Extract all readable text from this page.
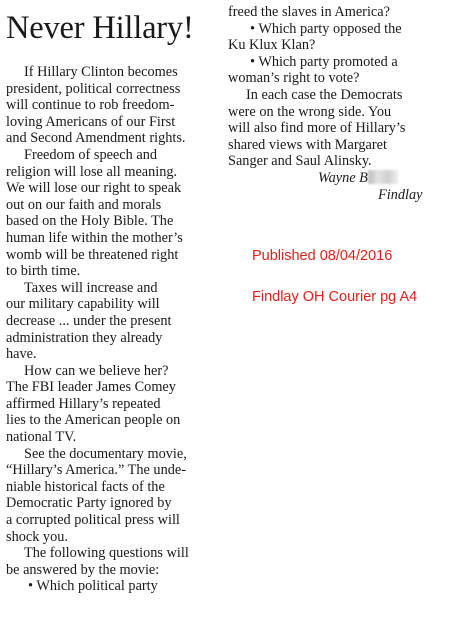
Never Hillary!
If Hillary Clinton becomes
president, political correctness
will continue to rob freedom-
loving Americans of our First
and Second Amendment rights.
Freedom of speech and
religion will lose all meaning.
We will lose our right to speak
out on our faith and morals
based on the Holy Bible. The
human life within the mother’s
womb will be threatened right
to birth time.
Taxes will increase and
our military capability will
decrease ... under the present
administration they already
have.
How can we believe her?
The FBI leader James Comey
affirmed Hillary’s repeated
lies to the American people on
national TV.
See the documentary movie,
“Hillary’s America.” The unde-
niable historical facts of the
Democratic Party ignored by
a corrupted political press will
shock you.
The following questions will
be answered by the movie:
• Which political party
freed the slaves in America?
• Which party opposed the
Ku Klux Klan?
• Which party promoted a
woman’s right to vote?
In each case the Democrats
were on the wrong side. You
will also find more of Hillary’s
shared views with Margaret
Sanger and Saul Alinsky.
Wayne B
Findlay
Published 08/04/2016
Findlay OH Courier pg A4
